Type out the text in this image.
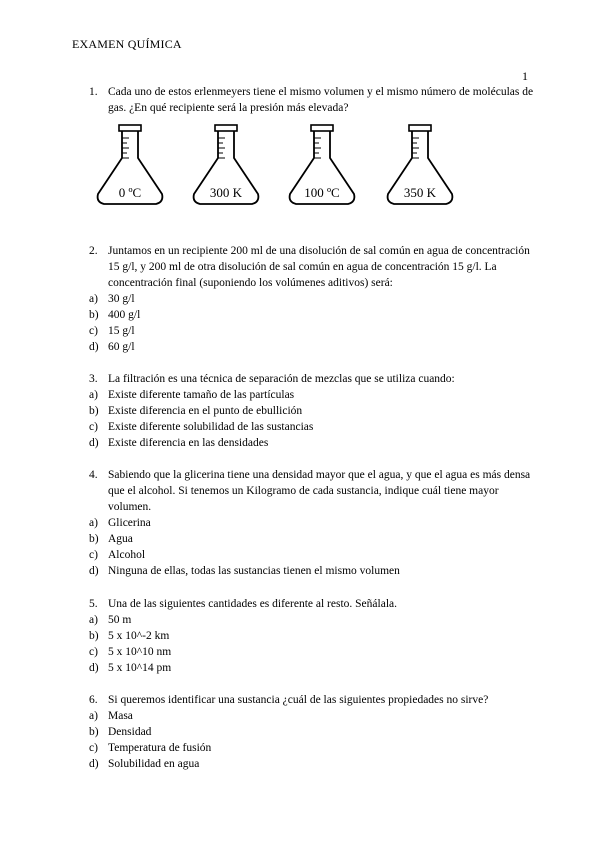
EXAMEN QUÍMICA
1
1. Cada uno de estos erlenmeyers tiene el mismo volumen y el mismo número de moléculas de gas. ¿En qué recipiente será la presión más elevada?
0 ºC	300 K	100 ºC	350 K
2. Juntamos en un recipiente 200 ml de una disolución de sal común en agua de concentración 15 g/l, y 200 ml de otra disolución de sal común en agua de concentración 15 g/l. La concentración final (suponiendo los volúmenes aditivos) será:
a) 30 g/l
b) 400 g/l
c) 15 g/l
d) 60 g/l
3. La filtración es una técnica de separación de mezclas que se utiliza cuando:
a) Existe diferente tamaño de las partículas
b) Existe diferencia en el punto de ebullición
c) Existe diferente solubilidad de las sustancias
d) Existe diferencia en las densidades
4. Sabiendo que la glicerina tiene una densidad mayor que el agua, y que el agua es más densa que el alcohol. Si tenemos un Kilogramo de cada sustancia, indique cuál tiene mayor volumen.
a) Glicerina
b) Agua
c) Alcohol
d) Ninguna de ellas, todas las sustancias tienen el mismo volumen
5. Una de las siguientes cantidades es diferente al resto. Señálala.
a) 50 m
b) 5 x 10^-2 km
c) 5 x 10^10 nm
d) 5 x 10^14 pm
6. Si queremos identificar una sustancia ¿cuál de las siguientes propiedades no sirve?
a) Masa
b) Densidad
c) Temperatura de fusión
d) Solubilidad en agua
